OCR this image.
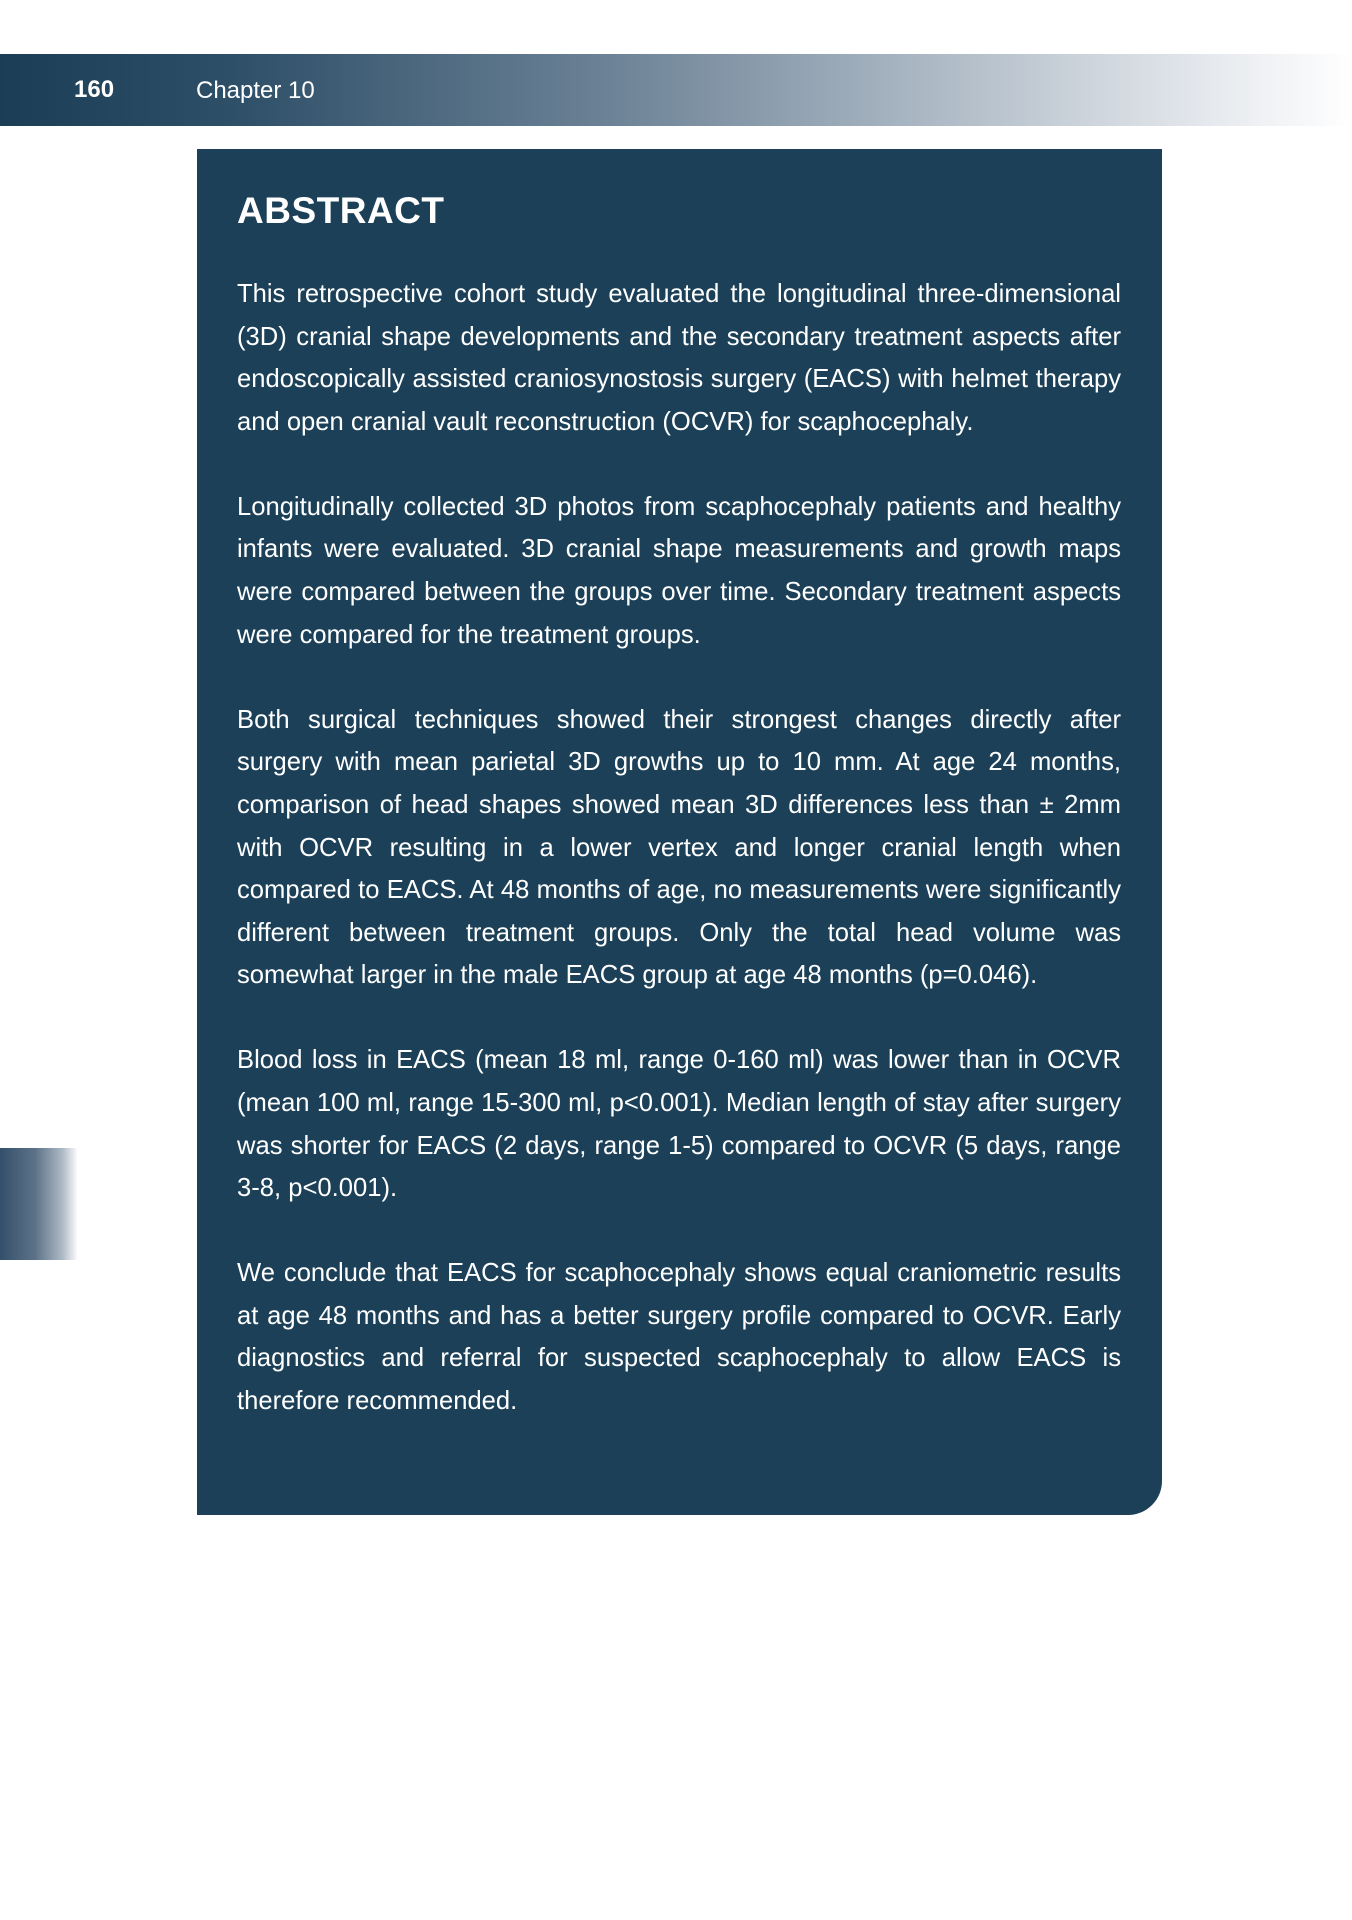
160	Chapter 10
ABSTRACT

This retrospective cohort study evaluated the longitudinal three-dimensional (3D) cranial shape developments and the secondary treatment aspects after endoscopically assisted craniosynostosis surgery (EACS) with helmet therapy and open cranial vault reconstruction (OCVR) for scaphocephaly.

Longitudinally collected 3D photos from scaphocephaly patients and healthy infants were evaluated. 3D cranial shape measurements and growth maps were compared between the groups over time. Secondary treatment aspects were compared for the treatment groups.

Both surgical techniques showed their strongest changes directly after surgery with mean parietal 3D growths up to 10 mm. At age 24 months, comparison of head shapes showed mean 3D differences less than ± 2mm with OCVR resulting in a lower vertex and longer cranial length when compared to EACS. At 48 months of age, no measurements were significantly different between treatment groups. Only the total head volume was somewhat larger in the male EACS group at age 48 months (p=0.046).

Blood loss in EACS (mean 18 ml, range 0-160 ml) was lower than in OCVR (mean 100 ml, range 15-300 ml, p<0.001). Median length of stay after surgery was shorter for EACS (2 days, range 1-5) compared to OCVR (5 days, range 3-8, p<0.001).

We conclude that EACS for scaphocephaly shows equal craniometric results at age 48 months and has a better surgery profile compared to OCVR. Early diagnostics and referral for suspected scaphocephaly to allow EACS is therefore recommended.
